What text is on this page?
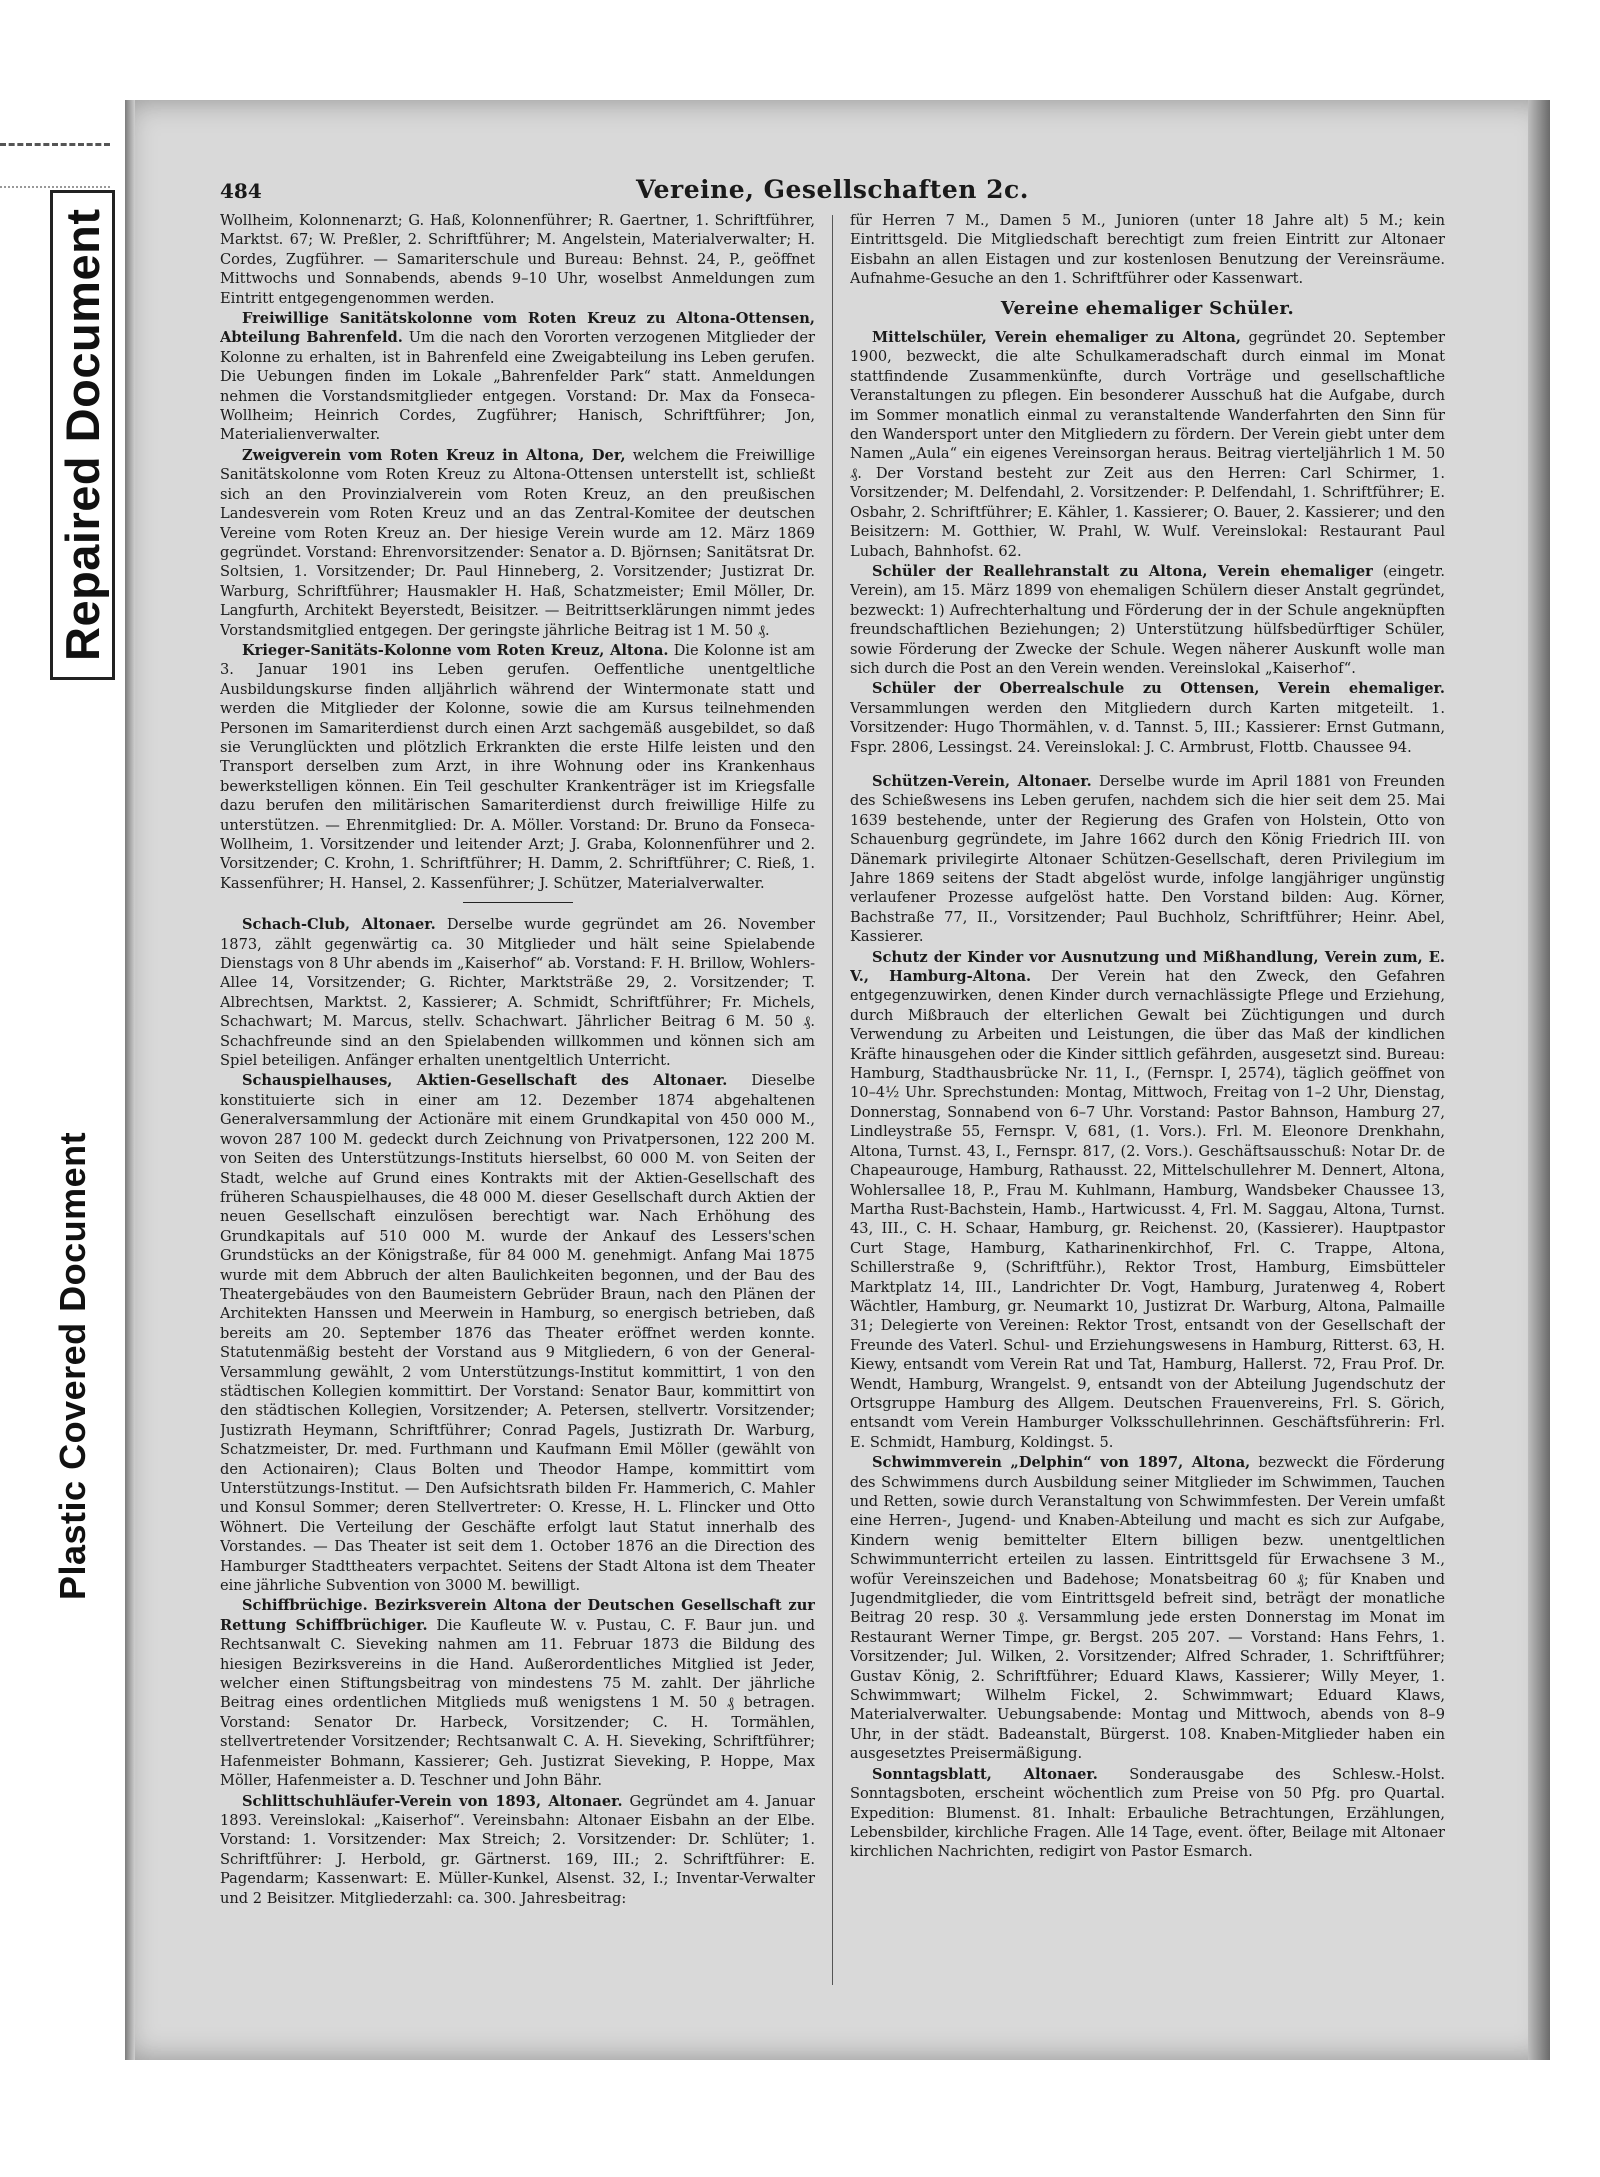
Repaired Document
Plastic Covered Document
484	Vereine, Gesellschaften 2c.

Wollheim, Kolonnenarzt; G. Haß, Kolonnenführer; R. Gaertner, 1. Schriftführer, Marktst. 67; W. Preßler, 2. Schriftführer; M. Angelstein, Materialverwalter; H. Cordes, Zugführer. — Samariterschule und Bureau: Behnst. 24, P., geöffnet Mittwochs und Sonnabends, abends 9–10 Uhr, woselbst Anmeldungen zum Eintritt entgegengenommen werden.

Freiwillige Sanitätskolonne vom Roten Kreuz zu Altona-Ottensen, Abteilung Bahrenfeld. Um die nach den Vororten verzogenen Mitglieder der Kolonne zu erhalten, ist in Bahrenfeld eine Zweigabteilung ins Leben gerufen. Die Uebungen finden im Lokale „Bahrenfelder Park“ statt. Anmeldungen nehmen die Vorstandsmitglieder entgegen. Vorstand: Dr. Max da Fonseca-Wollheim; Heinrich Cordes, Zugführer; Hanisch, Schriftführer; Jon, Materialienverwalter.

Zweigverein vom Roten Kreuz in Altona, Der, welchem die Freiwillige Sanitätskolonne vom Roten Kreuz zu Altona-Ottensen unterstellt ist, schließt sich an den Provinzialverein vom Roten Kreuz, an den preußischen Landesverein vom Roten Kreuz und an das Zentral-Komitee der deutschen Vereine vom Roten Kreuz an. Der hiesige Verein wurde am 12. März 1869 gegründet. Vorstand: Ehrenvorsitzender: Senator a. D. Björnsen; Sanitätsrat Dr. Soltsien, 1. Vorsitzender; Dr. Paul Hinneberg, 2. Vorsitzender; Justizrat Dr. Warburg, Schriftführer; Hausmakler H. Haß, Schatzmeister; Emil Möller, Dr. Langfurth, Architekt Beyerstedt, Beisitzer. — Beitrittserklärungen nimmt jedes Vorstandsmitglied entgegen. Der geringste jährliche Beitrag ist 1 M. 50 ₰.

Krieger-Sanitäts-Kolonne vom Roten Kreuz, Altona. Die Kolonne ist am 3. Januar 1901 ins Leben gerufen. Oeffentliche unentgeltliche Ausbildungskurse finden alljährlich während der Wintermonate statt und werden die Mitglieder der Kolonne, sowie die am Kursus teilnehmenden Personen im Samariterdienst durch einen Arzt sachgemäß ausgebildet, so daß sie Verunglückten und plötzlich Erkrankten die erste Hilfe leisten und den Transport derselben zum Arzt, in ihre Wohnung oder ins Krankenhaus bewerkstelligen können. Ein Teil geschulter Krankenträger ist im Kriegsfalle dazu berufen den militärischen Samariterdienst durch freiwillige Hilfe zu unterstützen. — Ehrenmitglied: Dr. A. Möller. Vorstand: Dr. Bruno da Fonseca-Wollheim, 1. Vorsitzender und leitender Arzt; J. Graba, Kolonnenführer und 2. Vorsitzender; C. Krohn, 1. Schriftführer; H. Damm, 2. Schriftführer; C. Rieß, 1. Kassenführer; H. Hansel, 2. Kassenführer; J. Schützer, Materialverwalter.

Schach-Club, Altonaer. Derselbe wurde gegründet am 26. November 1873, zählt gegenwärtig ca. 30 Mitglieder und hält seine Spielabende Dienstags von 8 Uhr abends im „Kaiserhof“ ab. Vorstand: F. H. Brillow, Wohlers-Allee 14, Vorsitzender; G. Richter, Marktsträße 29, 2. Vorsitzender; T. Albrechtsen, Marktst. 2, Kassierer; A. Schmidt, Schriftführer; Fr. Michels, Schachwart; M. Marcus, stellv. Schachwart. Jährlicher Beitrag 6 M. 50 ₰. Schachfreunde sind an den Spielabenden willkommen und können sich am Spiel beteiligen. Anfänger erhalten unentgeltlich Unterricht.

Schauspielhauses, Aktien-Gesellschaft des Altonaer. Dieselbe konstituierte sich in einer am 12. Dezember 1874 abgehaltenen Generalversammlung der Actionäre mit einem Grundkapital von 450 000 M., wovon 287 100 M. gedeckt durch Zeichnung von Privatpersonen, 122 200 M. von Seiten des Unterstützungs-Instituts hierselbst, 60 000 M. von Seiten der Stadt, welche auf Grund eines Kontrakts mit der Aktien-Gesellschaft des früheren Schauspielhauses, die 48 000 M. dieser Gesellschaft durch Aktien der neuen Gesellschaft einzulösen berechtigt war. Nach Erhöhung des Grundkapitals auf 510 000 M. wurde der Ankauf des Lessers'schen Grundstücks an der Königstraße, für 84 000 M. genehmigt. Anfang Mai 1875 wurde mit dem Abbruch der alten Baulichkeiten begonnen, und der Bau des Theatergebäudes von den Baumeistern Gebrüder Braun, nach den Plänen der Architekten Hanssen und Meerwein in Hamburg, so energisch betrieben, daß bereits am 20. September 1876 das Theater eröffnet werden konnte. Statutenmäßig besteht der Vorstand aus 9 Mitgliedern, 6 von der General-Versammlung gewählt, 2 vom Unterstützungs-Institut kommittirt, 1 von den städtischen Kollegien kommittirt. Der Vorstand: Senator Baur, kommittirt von den städtischen Kollegien, Vorsitzender; A. Petersen, stellvertr. Vorsitzender; Justizrath Heymann, Schriftführer; Conrad Pagels, Justizrath Dr. Warburg, Schatzmeister, Dr. med. Furthmann und Kaufmann Emil Möller (gewählt von den Actionairen); Claus Bolten und Theodor Hampe, kommittirt vom Unterstützungs-Institut. — Den Aufsichtsrath bilden Fr. Hammerich, C. Mahler und Konsul Sommer; deren Stellvertreter: O. Kresse, H. L. Flincker und Otto Wöhnert. Die Verteilung der Geschäfte erfolgt laut Statut innerhalb des Vorstandes. — Das Theater ist seit dem 1. October 1876 an die Direction des Hamburger Stadttheaters verpachtet. Seitens der Stadt Altona ist dem Theater eine jährliche Subvention von 3000 M. bewilligt.

Schiffbrüchige. Bezirksverein Altona der Deutschen Gesellschaft zur Rettung Schiffbrüchiger. Die Kaufleute W. v. Pustau, C. F. Baur jun. und Rechtsanwalt C. Sieveking nahmen am 11. Februar 1873 die Bildung des hiesigen Bezirksvereins in die Hand. Außerordentliches Mitglied ist Jeder, welcher einen Stiftungsbeitrag von mindestens 75 M. zahlt. Der jährliche Beitrag eines ordentlichen Mitglieds muß wenigstens 1 M. 50 ₰ betragen. Vorstand: Senator Dr. Harbeck, Vorsitzender; C. H. Tormählen, stellvertretender Vorsitzender; Rechtsanwalt C. A. H. Sieveking, Schriftführer; Hafenmeister Bohmann, Kassierer; Geh. Justizrat Sieveking, P. Hoppe, Max Möller, Hafenmeister a. D. Teschner und John Bähr.

Schlittschuhläufer-Verein von 1893, Altonaer. Gegründet am 4. Januar 1893. Vereinslokal: „Kaiserhof“. Vereinsbahn: Altonaer Eisbahn an der Elbe. Vorstand: 1. Vorsitzender: Max Streich; 2. Vorsitzender: Dr. Schlüter; 1. Schriftführer: J. Herbold, gr. Gärtnerst. 169, III.; 2. Schriftführer: E. Pagendarm; Kassenwart: E. Müller-Kunkel, Alsenst. 32, I.; Inventar-Verwalter und 2 Beisitzer. Mitgliederzahl: ca. 300. Jahresbeitrag:

für Herren 7 M., Damen 5 M., Junioren (unter 18 Jahre alt) 5 M.; kein Eintrittsgeld. Die Mitgliedschaft berechtigt zum freien Eintritt zur Altonaer Eisbahn an allen Eistagen und zur kostenlosen Benutzung der Vereinsräume. Aufnahme-Gesuche an den 1. Schriftführer oder Kassenwart.

Vereine ehemaliger Schüler.

Mittelschüler, Verein ehemaliger zu Altona, gegründet 20. September 1900, bezweckt, die alte Schulkameradschaft durch einmal im Monat stattfindende Zusammenkünfte, durch Vorträge und gesellschaftliche Veranstaltungen zu pflegen. Ein besonderer Ausschuß hat die Aufgabe, durch im Sommer monatlich einmal zu veranstaltende Wanderfahrten den Sinn für den Wandersport unter den Mitgliedern zu fördern. Der Verein giebt unter dem Namen „Aula“ ein eigenes Vereinsorgan heraus. Beitrag vierteljährlich 1 M. 50 ₰. Der Vorstand besteht zur Zeit aus den Herren: Carl Schirmer, 1. Vorsitzender; M. Delfendahl, 2. Vorsitzender: P. Delfendahl, 1. Schriftführer; E. Osbahr, 2. Schriftführer; E. Kähler, 1. Kassierer; O. Bauer, 2. Kassierer; und den Beisitzern: M. Gotthier, W. Prahl, W. Wulf. Vereinslokal: Restaurant Paul Lubach, Bahnhofst. 62.

Schüler der Reallehranstalt zu Altona, Verein ehemaliger (eingetr. Verein), am 15. März 1899 von ehemaligen Schülern dieser Anstalt gegründet, bezweckt: 1) Aufrechterhaltung und Förderung der in der Schule angeknüpften freundschaftlichen Beziehungen; 2) Unterstützung hülfsbedürftiger Schüler, sowie Förderung der Zwecke der Schule. Wegen näherer Auskunft wolle man sich durch die Post an den Verein wenden. Vereinslokal „Kaiserhof“.

Schüler der Oberrealschule zu Ottensen, Verein ehemaliger. Versammlungen werden den Mitgliedern durch Karten mitgeteilt. 1. Vorsitzender: Hugo Thormählen, v. d. Tannst. 5, III.; Kassierer: Ernst Gutmann, Fspr. 2806, Lessingst. 24. Vereinslokal: J. C. Armbrust, Flottb. Chaussee 94.

Schützen-Verein, Altonaer. Derselbe wurde im April 1881 von Freunden des Schießwesens ins Leben gerufen, nachdem sich die hier seit dem 25. Mai 1639 bestehende, unter der Regierung des Grafen von Holstein, Otto von Schauenburg gegründete, im Jahre 1662 durch den König Friedrich III. von Dänemark privilegirte Altonaer Schützen-Gesellschaft, deren Privilegium im Jahre 1869 seitens der Stadt abgelöst wurde, infolge langjähriger ungünstig verlaufener Prozesse aufgelöst hatte. Den Vorstand bilden: Aug. Körner, Bachstraße 77, II., Vorsitzender; Paul Buchholz, Schriftführer; Heinr. Abel, Kassierer.

Schutz der Kinder vor Ausnutzung und Mißhandlung, Verein zum, E. V., Hamburg-Altona. Der Verein hat den Zweck, den Gefahren entgegenzuwirken, denen Kinder durch vernachlässigte Pflege und Erziehung, durch Mißbrauch der elterlichen Gewalt bei Züchtigungen und durch Verwendung zu Arbeiten und Leistungen, die über das Maß der kindlichen Kräfte hinausgehen oder die Kinder sittlich gefährden, ausgesetzt sind. Bureau: Hamburg, Stadthausbrücke Nr. 11, I., (Fernspr. I, 2574), täglich geöffnet von 10–4½ Uhr. Sprechstunden: Montag, Mittwoch, Freitag von 1–2 Uhr, Dienstag, Donnerstag, Sonnabend von 6–7 Uhr. Vorstand: Pastor Bahnson, Hamburg 27, Lindleystraße 55, Fernspr. V, 681, (1. Vors.). Frl. M. Eleonore Drenkhahn, Altona, Turnst. 43, I., Fernspr. 817, (2. Vors.). Geschäftsausschuß: Notar Dr. de Chapeaurouge, Hamburg, Rathausst. 22, Mittelschullehrer M. Dennert, Altona, Wohlersallee 18, P., Frau M. Kuhlmann, Hamburg, Wandsbeker Chaussee 13, Martha Rust-Bachstein, Hamb., Hartwicusst. 4, Frl. M. Saggau, Altona, Turnst. 43, III., C. H. Schaar, Hamburg, gr. Reichenst. 20, (Kassierer). Hauptpastor Curt Stage, Hamburg, Katharinenkirchhof, Frl. C. Trappe, Altona, Schillerstraße 9, (Schriftführ.), Rektor Trost, Hamburg, Eimsbütteler Marktplatz 14, III., Landrichter Dr. Vogt, Hamburg, Juratenweg 4, Robert Wächtler, Hamburg, gr. Neumarkt 10, Justizrat Dr. Warburg, Altona, Palmaille 31; Delegierte von Vereinen: Rektor Trost, entsandt von der Gesellschaft der Freunde des Vaterl. Schul- und Erziehungswesens in Hamburg, Ritterst. 63, H. Kiewy, entsandt vom Verein Rat und Tat, Hamburg, Hallerst. 72, Frau Prof. Dr. Wendt, Hamburg, Wrangelst. 9, entsandt von der Abteilung Jugendschutz der Ortsgruppe Hamburg des Allgem. Deutschen Frauenvereins, Frl. S. Görich, entsandt vom Verein Hamburger Volksschullehrinnen. Geschäftsführerin: Frl. E. Schmidt, Hamburg, Koldingst. 5.

Schwimmverein „Delphin“ von 1897, Altona, bezweckt die Förderung des Schwimmens durch Ausbildung seiner Mitglieder im Schwimmen, Tauchen und Retten, sowie durch Veranstaltung von Schwimmfesten. Der Verein umfaßt eine Herren-, Jugend- und Knaben-Abteilung und macht es sich zur Aufgabe, Kindern wenig bemittelter Eltern billigen bezw. unentgeltlichen Schwimmunterricht erteilen zu lassen. Eintrittsgeld für Erwachsene 3 M., wofür Vereinszeichen und Badehose; Monatsbeitrag 60 ₰; für Knaben und Jugendmitglieder, die vom Eintrittsgeld befreit sind, beträgt der monatliche Beitrag 20 resp. 30 ₰. Versammlung jede ersten Donnerstag im Monat im Restaurant Werner Timpe, gr. Bergst. 205 207. — Vorstand: Hans Fehrs, 1. Vorsitzender; Jul. Wilken, 2. Vorsitzender; Alfred Schrader, 1. Schriftführer; Gustav König, 2. Schriftführer; Eduard Klaws, Kassierer; Willy Meyer, 1. Schwimmwart; Wilhelm Fickel, 2. Schwimmwart; Eduard Klaws, Materialverwalter. Uebungsabende: Montag und Mittwoch, abends von 8–9 Uhr, in der städt. Badeanstalt, Bürgerst. 108. Knaben-Mitglieder haben ein ausgesetztes Preisermäßigung.

Sonntagsblatt, Altonaer. Sonderausgabe des Schlesw.-Holst. Sonntagsboten, erscheint wöchentlich zum Preise von 50 Pfg. pro Quartal. Expedition: Blumenst. 81. Inhalt: Erbauliche Betrachtungen, Erzählungen, Lebensbilder, kirchliche Fragen. Alle 14 Tage, event. öfter, Beilage mit Altonaer kirchlichen Nachrichten, redigirt von Pastor Esmarch.
